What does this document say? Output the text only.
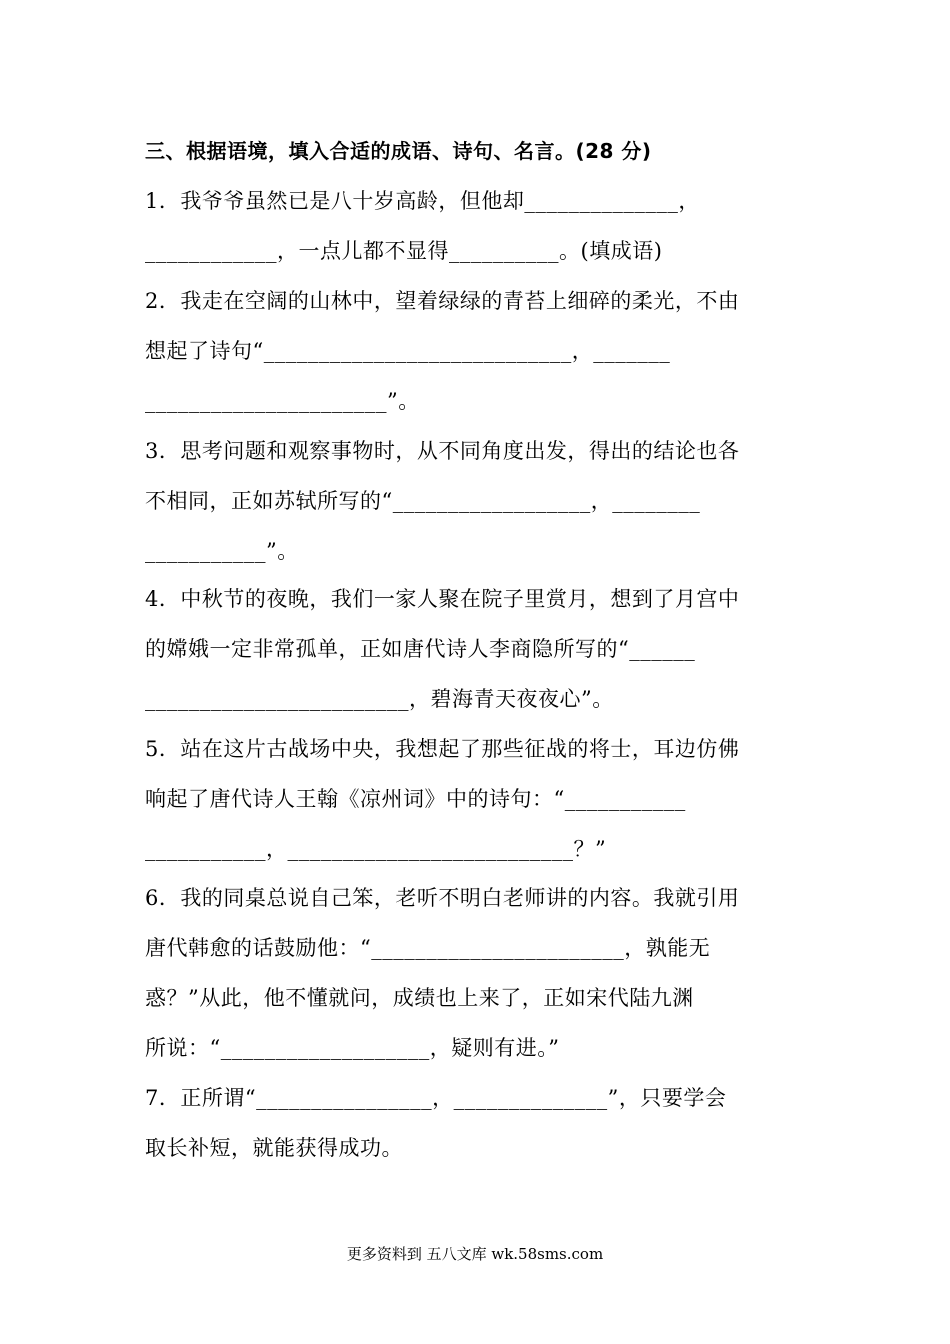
三、根据语境，填入合适的成语、诗句、名言。(28 分)
1．我爷爷虽然已是八十岁高龄，但他却______________，
____________，一点儿都不显得__________。(填成语)
2．我走在空阔的山林中，望着绿绿的青苔上细碎的柔光，不由
想起了诗句“____________________________，_______
______________________”。
3．思考问题和观察事物时，从不同角度出发，得出的结论也各
不相同，正如苏轼所写的“__________________，________
___________”。
4．中秋节的夜晚，我们一家人聚在院子里赏月，想到了月宫中
的嫦娥一定非常孤单，正如唐代诗人李商隐所写的“______
________________________，碧海青天夜夜心”。
5．站在这片古战场中央，我想起了那些征战的将士，耳边仿佛
响起了唐代诗人王翰《凉州词》中的诗句：“___________
___________，__________________________？”
6．我的同桌总说自己笨，老听不明白老师讲的内容。我就引用
唐代韩愈的话鼓励他：“_______________________，孰能无
惑？”从此，他不懂就问，成绩也上来了，正如宋代陆九渊
所说：“___________________，疑则有进。”
7．正所谓“________________，______________”，只要学会
取长补短，就能获得成功。
更多资料到 五八文库 wk.58sms.com
